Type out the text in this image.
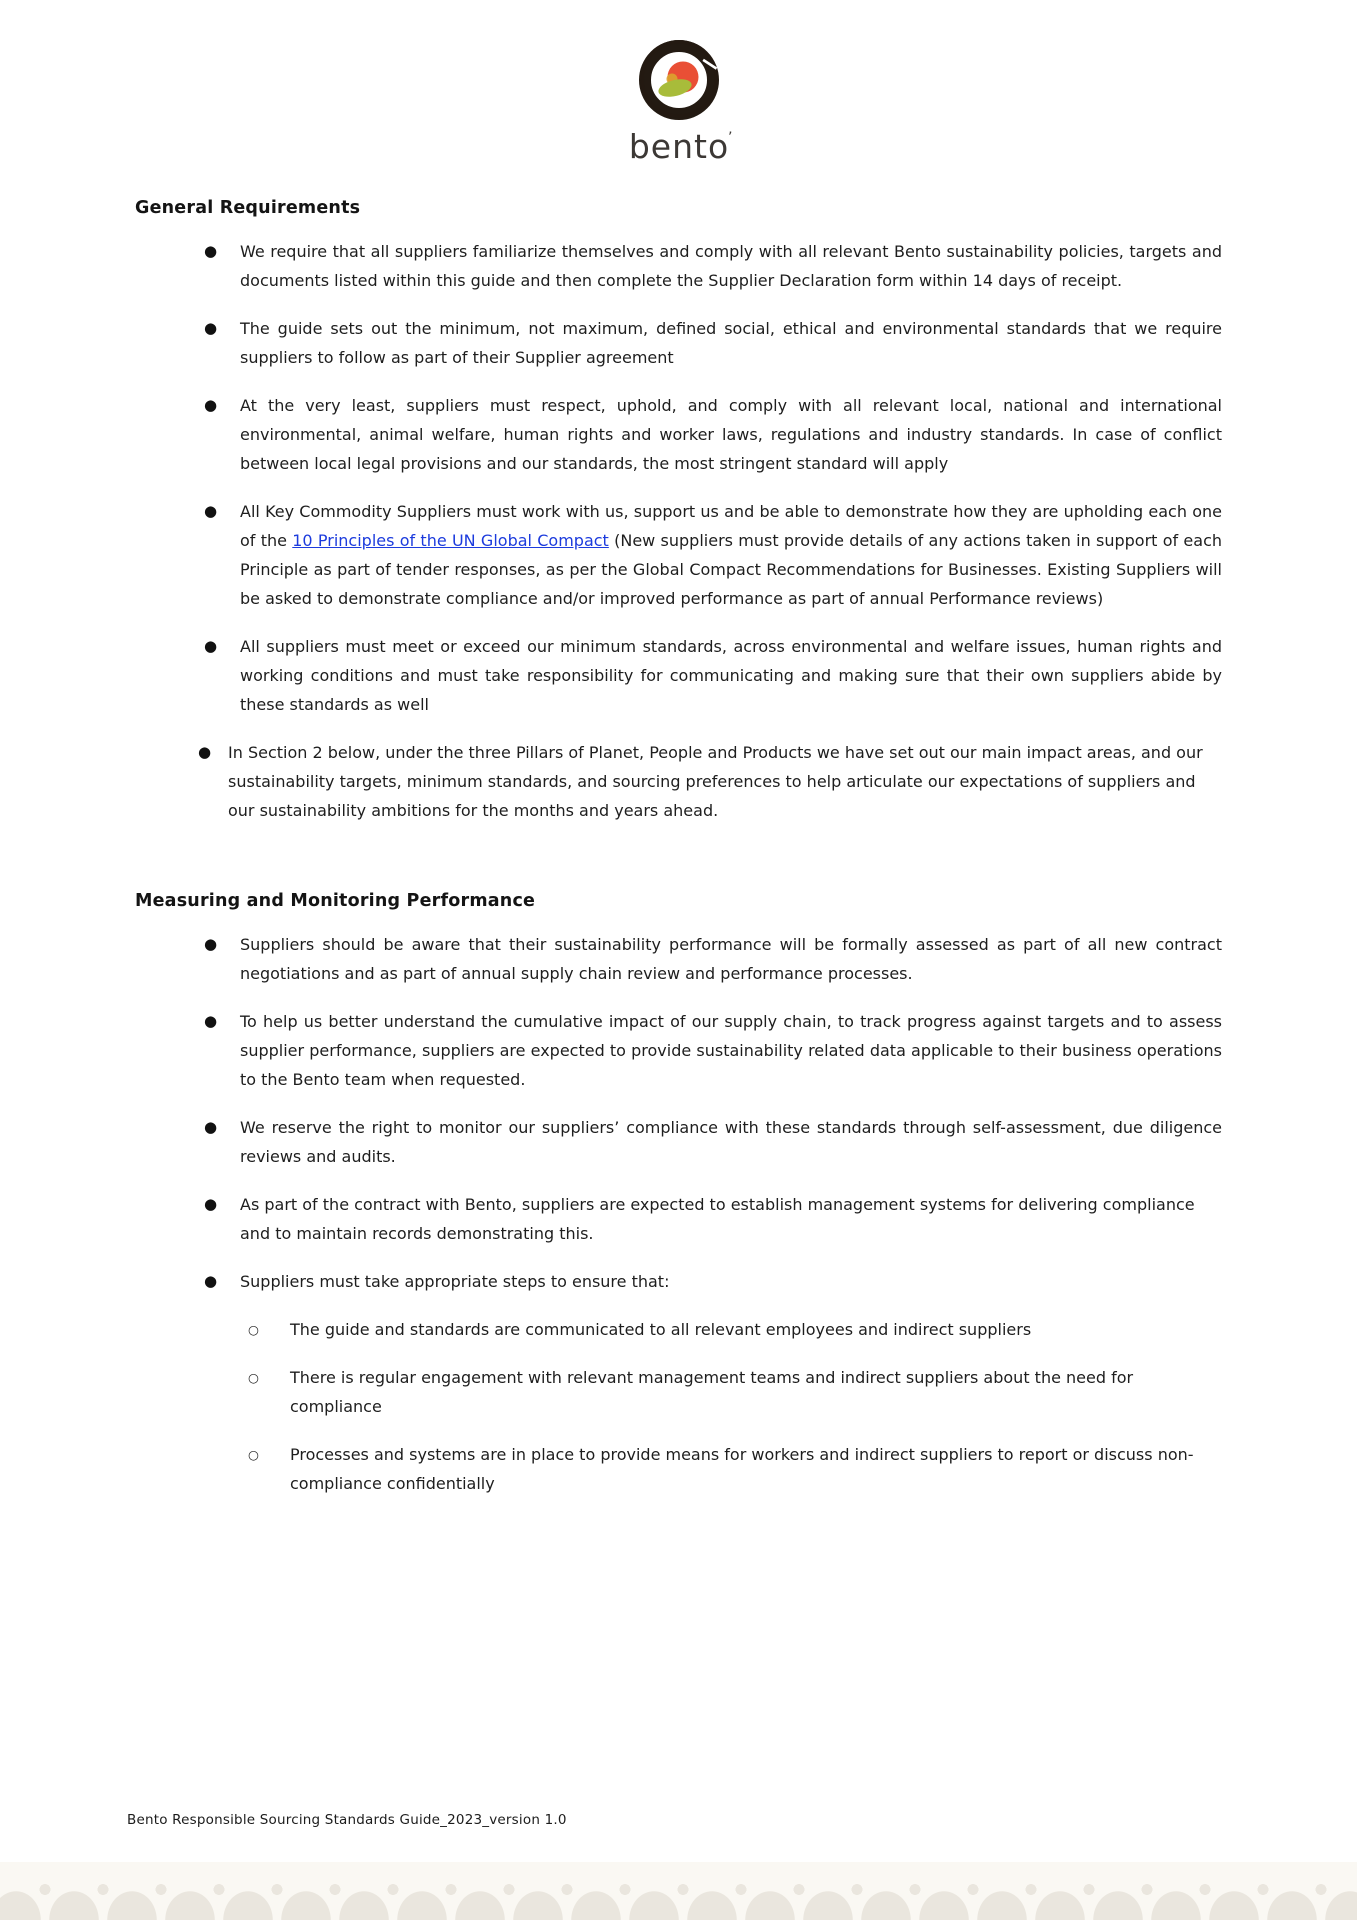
bento
’
General Requirements
●	We require that all suppliers familiarize themselves and comply with all relevant Bento sustainability policies, targets and documents listed within this guide and then complete the Supplier Declaration form within 14 days of receipt.
●	The guide sets out the minimum, not maximum, defined social, ethical and environmental standards that we require suppliers to follow as part of their Supplier agreement
●	At the very least, suppliers must respect, uphold, and comply with all relevant local, national and international environmental, animal welfare, human rights and worker laws, regulations and industry standards. In case of conflict between local legal provisions and our standards, the most stringent standard will apply
●	All Key Commodity Suppliers must work with us, support us and be able to demonstrate how they are upholding each one of the 10 Principles of the UN Global Compact (New suppliers must provide details of any actions taken in support of each Principle as part of tender responses, as per the Global Compact Recommendations for Businesses. Existing Suppliers will be asked to demonstrate compliance and/or improved performance as part of annual Performance reviews)
●	All suppliers must meet or exceed our minimum standards, across environmental and welfare issues, human rights and working conditions and must take responsibility for communicating and making sure that their own suppliers abide by these standards as well
●	In Section 2 below, under the three Pillars of Planet, People and Products we have set out our main impact areas, and our sustainability targets, minimum standards, and sourcing preferences to help articulate our expectations of suppliers and our sustainability ambitions for the months and years ahead.
Measuring and Monitoring Performance
●	Suppliers should be aware that their sustainability performance will be formally assessed as part of all new contract negotiations and as part of annual supply chain review and performance processes.
●	To help us better understand the cumulative impact of our supply chain, to track progress against targets and to assess supplier performance, suppliers are expected to provide sustainability related data applicable to their business operations to the Bento team when requested.
●	We reserve the right to monitor our suppliers’ compliance with these standards through self-assessment, due diligence reviews and audits.
●	As part of the contract with Bento, suppliers are expected to establish management systems for delivering compliance and to maintain records demonstrating this.
●	Suppliers must take appropriate steps to ensure that:
○	The guide and standards are communicated to all relevant employees and indirect suppliers
○	There is regular engagement with relevant management teams and indirect suppliers about the need for compliance
○	Processes and systems are in place to provide means for workers and indirect suppliers to report or discuss non-compliance confidentially
Bento Responsible Sourcing Standards Guide_2023_version 1.0
